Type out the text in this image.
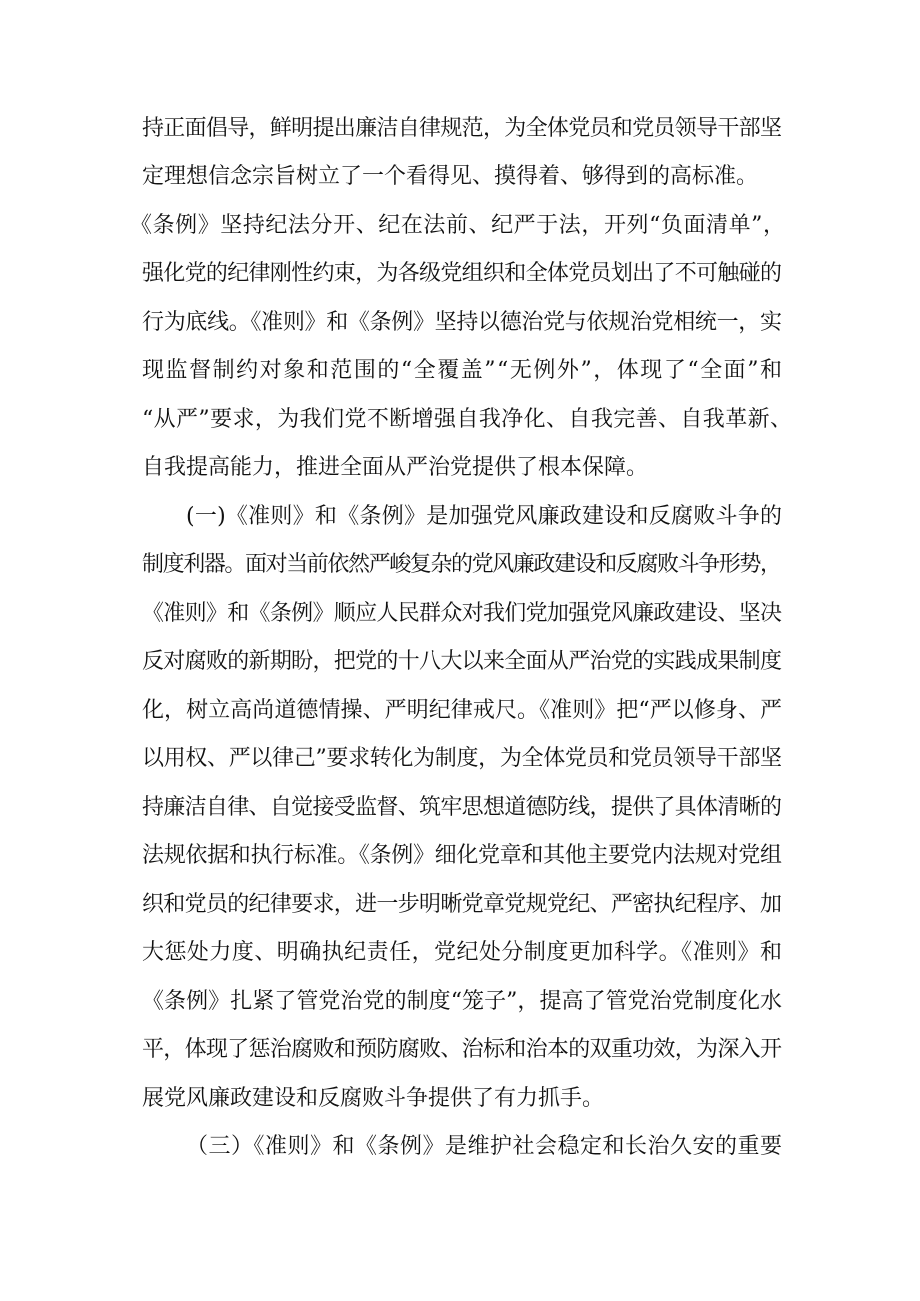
持正面倡导，鲜明提出廉洁自律规范，为全体党员和党员领导干部坚
定理想信念宗旨树立了一个看得见、摸得着、够得到的高标准。
《条例》坚持纪法分开、纪在法前、纪严于法，开列“负面清单”，
强化党的纪律刚性约束，为各级党组织和全体党员划出了不可触碰的
行为底线。《准则》和《条例》坚持以德治党与依规治党相统一，实
现监督制约对象和范围的“全覆盖”“无例外”，体现了“全面”和
“从严”要求，为我们党不断增强自我净化、自我完善、自我革新、
自我提高能力，推进全面从严治党提供了根本保障。
(一)《准则》和《条例》是加强党风廉政建设和反腐败斗争的
制度利器。面对当前依然严峻复杂的党风廉政建设和反腐败斗争形势，
《准则》和《条例》顺应人民群众对我们党加强党风廉政建设、坚决
反对腐败的新期盼，把党的十八大以来全面从严治党的实践成果制度
化，树立高尚道德情操、严明纪律戒尺。《准则》把“严以修身、严
以用权、严以律己”要求转化为制度，为全体党员和党员领导干部坚
持廉洁自律、自觉接受监督、筑牢思想道德防线，提供了具体清晰的
法规依据和执行标准。《条例》细化党章和其他主要党内法规对党组
织和党员的纪律要求，进一步明晰党章党规党纪、严密执纪程序、加
大惩处力度、明确执纪责任，党纪处分制度更加科学。《准则》和
《条例》扎紧了管党治党的制度“笼子”，提高了管党治党制度化水
平，体现了惩治腐败和预防腐败、治标和治本的双重功效，为深入开
展党风廉政建设和反腐败斗争提供了有力抓手。
（三）《准则》和《条例》是维护社会稳定和长治久安的重要
